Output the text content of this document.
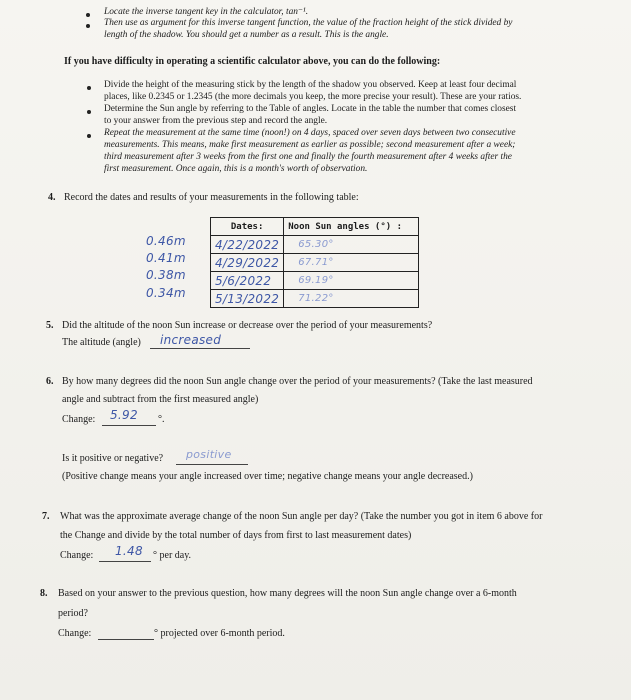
Locate the inverse tangent key in the calculator, tan⁻¹.
Then use as argument for this inverse tangent function, the value of the fraction height of the stick divided by
length of the shadow. You should get a number as a result. This is the angle.
If you have difficulty in operating a scientific calculator above, you can do the following:
Divide the height of the measuring stick by the length of the shadow you observed. Keep at least four decimal
places, like 0.2345 or 1.2345 (the more decimals you keep, the more precise your result). These are your ratios.
Determine the Sun angle by referring to the Table of angles. Locate in the table the number that comes closest
to your answer from the previous step and record the angle.
Repeat the measurement at the same time (noon!) on 4 days, spaced over seven days between two consecutive
measurements. This means, make first measurement as earlier as possible; second measurement after a week;
third measurement after 3 weeks from the first one and finally the fourth measurement after 4 weeks after the
first measurement. Once again, this is a month's worth of observation.
4. Record the dates and results of your measurements in the following table:
Dates:	Noon Sun angles (°) :
4/22/2022	65.30°
4/29/2022	67.71°
5/6/2022	69.19°
5/13/2022	71.22°
0.46m
0.41m
0.38m
0.34m
5. Did the altitude of the noon Sun increase or decrease over the period of your measurements?
The altitude (angle) increased
6. By how many degrees did the noon Sun angle change over the period of your measurements? (Take the last measured
angle and subtract from the first measured angle)
Change: 5.92 °.
Is it positive or negative? positive
(Positive change means your angle increased over time; negative change means your angle decreased.)
7. What was the approximate average change of the noon Sun angle per day? (Take the number you got in item 6 above for
the Change and divide by the total number of days from first to last measurement dates)
Change: 1.48 ° per day.
8. Based on your answer to the previous question, how many degrees will the noon Sun angle change over a 6-month
period?
Change:	° projected over 6-month period.
